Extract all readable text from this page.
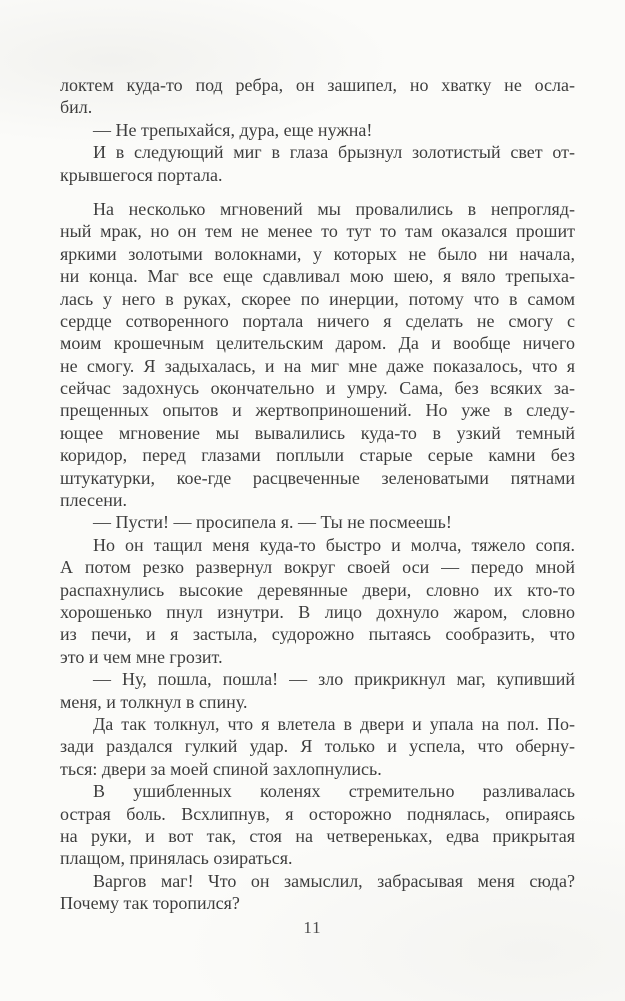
локтем куда-то под ребра, он зашипел, но хватку не осла-
бил.
— Не трепыхайся, дура, еще нужна!
И в следующий миг в глаза брызнул золотистый свет от-
крывшегося портала.
На несколько мгновений мы провалились в непрогляд-
ный мрак, но он тем не менее то тут то там оказался прошит
яркими золотыми волокнами, у которых не было ни начала,
ни конца. Маг все еще сдавливал мою шею, я вяло трепыха-
лась у него в руках, скорее по инерции, потому что в самом
сердце сотворенного портала ничего я сделать не смогу с
моим крошечным целительским даром. Да и вообще ничего
не смогу. Я задыхалась, и на миг мне даже показалось, что я
сейчас задохнусь окончательно и умру. Сама, без всяких за-
прещенных опытов и жертвоприношений. Но уже в следу-
ющее мгновение мы вывалились куда-то в узкий темный
коридор, перед глазами поплыли старые серые камни без
штукатурки, кое-где расцвеченные зеленоватыми пятнами
плесени.
— Пусти! — просипела я. — Ты не посмеешь!
Но он тащил меня куда-то быстро и молча, тяжело сопя.
А потом резко развернул вокруг своей оси — передо мной
распахнулись высокие деревянные двери, словно их кто-то
хорошенько пнул изнутри. В лицо дохнуло жаром, словно
из печи, и я застыла, судорожно пытаясь сообразить, что
это и чем мне грозит.
— Ну, пошла, пошла! — зло прикрикнул маг, купивший
меня, и толкнул в спину.
Да так толкнул, что я влетела в двери и упала на пол. По-
зади раздался гулкий удар. Я только и успела, что оберну-
ться: двери за моей спиной захлопнулись.
В ушибленных коленях стремительно разливалась
острая боль. Всхлипнув, я осторожно поднялась, опираясь
на руки, и вот так, стоя на четвереньках, едва прикрытая
плащом, принялась озираться.
Варгов маг! Что он замыслил, забрасывая меня сюда?
Почему так торопился?
11
